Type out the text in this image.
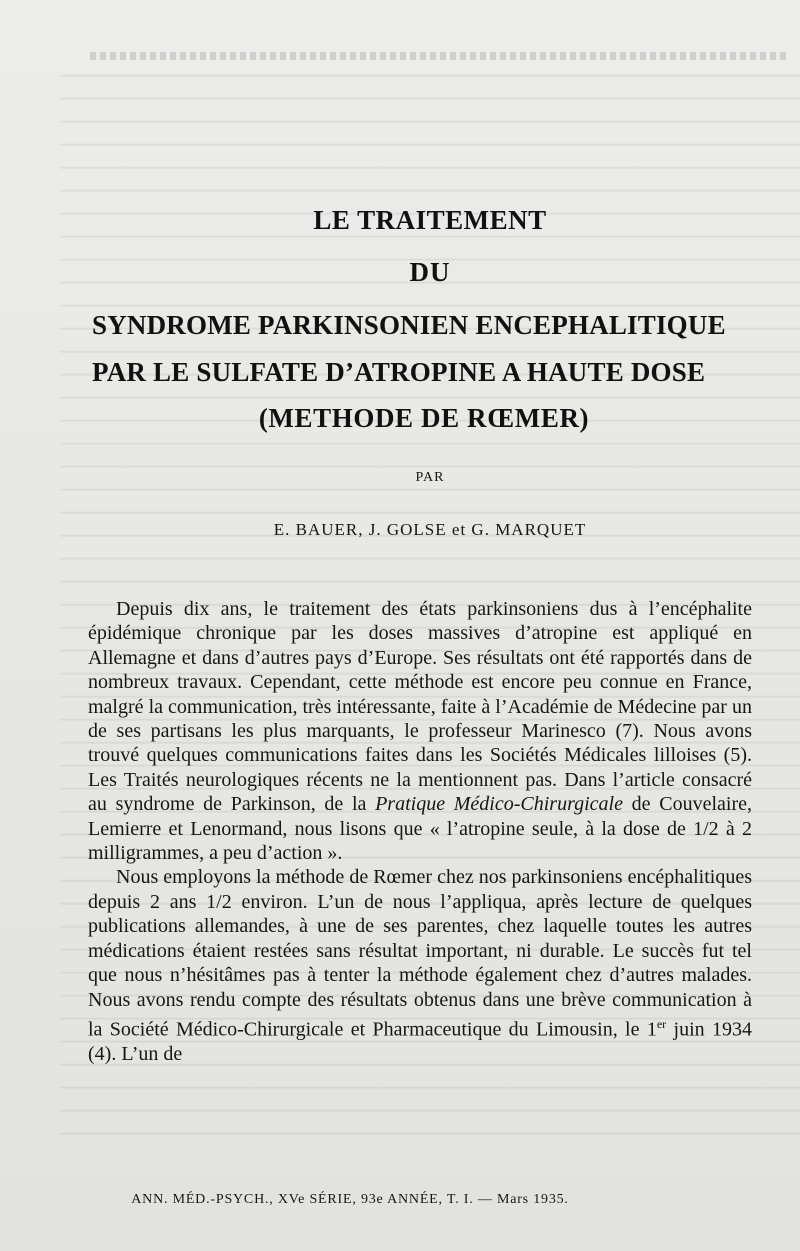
LE TRAITEMENT
DU
SYNDROME PARKINSONIEN ENCEPHALITIQUE
PAR LE SULFATE D’ATROPINE A HAUTE DOSE
(METHODE DE RŒMER)
PAR
E. BAUER, J. GOLSE et G. MARQUET

Depuis dix ans, le traitement des états parkinsoniens dus à l’encéphalite épidémique chronique par les doses massives d’atropine est appliqué en Allemagne et dans d’autres pays d’Europe. Ses résultats ont été rapportés dans de nombreux travaux. Cependant, cette méthode est encore peu connue en France, malgré la communication, très intéressante, faite à l’Académie de Médecine par un de ses partisans les plus marquants, le professeur Marinesco (7). Nous avons trouvé quelques communications faites dans les Sociétés Médicales lilloises (5). Les Traités neurologiques récents ne la mentionnent pas. Dans l’article consacré au syndrome de Parkinson, de la Pratique Médico-Chirurgicale de Couvelaire, Lemierre et Lenormand, nous lisons que « l’atropine seule, à la dose de 1/2 à 2 milligrammes, a peu d’action ».

Nous employons la méthode de Rœmer chez nos parkinsoniens encéphalitiques depuis 2 ans 1/2 environ. L’un de nous l’appliqua, après lecture de quelques publications allemandes, à une de ses parentes, chez laquelle toutes les autres médications étaient restées sans résultat important, ni durable. Le succès fut tel que nous n’hésitâmes pas à tenter la méthode également chez d’autres malades. Nous avons rendu compte des résultats obtenus dans une brève communication à la Société Médico-Chirurgicale et Pharmaceutique du Limousin, le 1er juin 1934 (4). L’un de

ANN. MÉD.-PSYCH., XVe SÉRIE, 93e ANNÉE, T. I. — Mars 1935.
